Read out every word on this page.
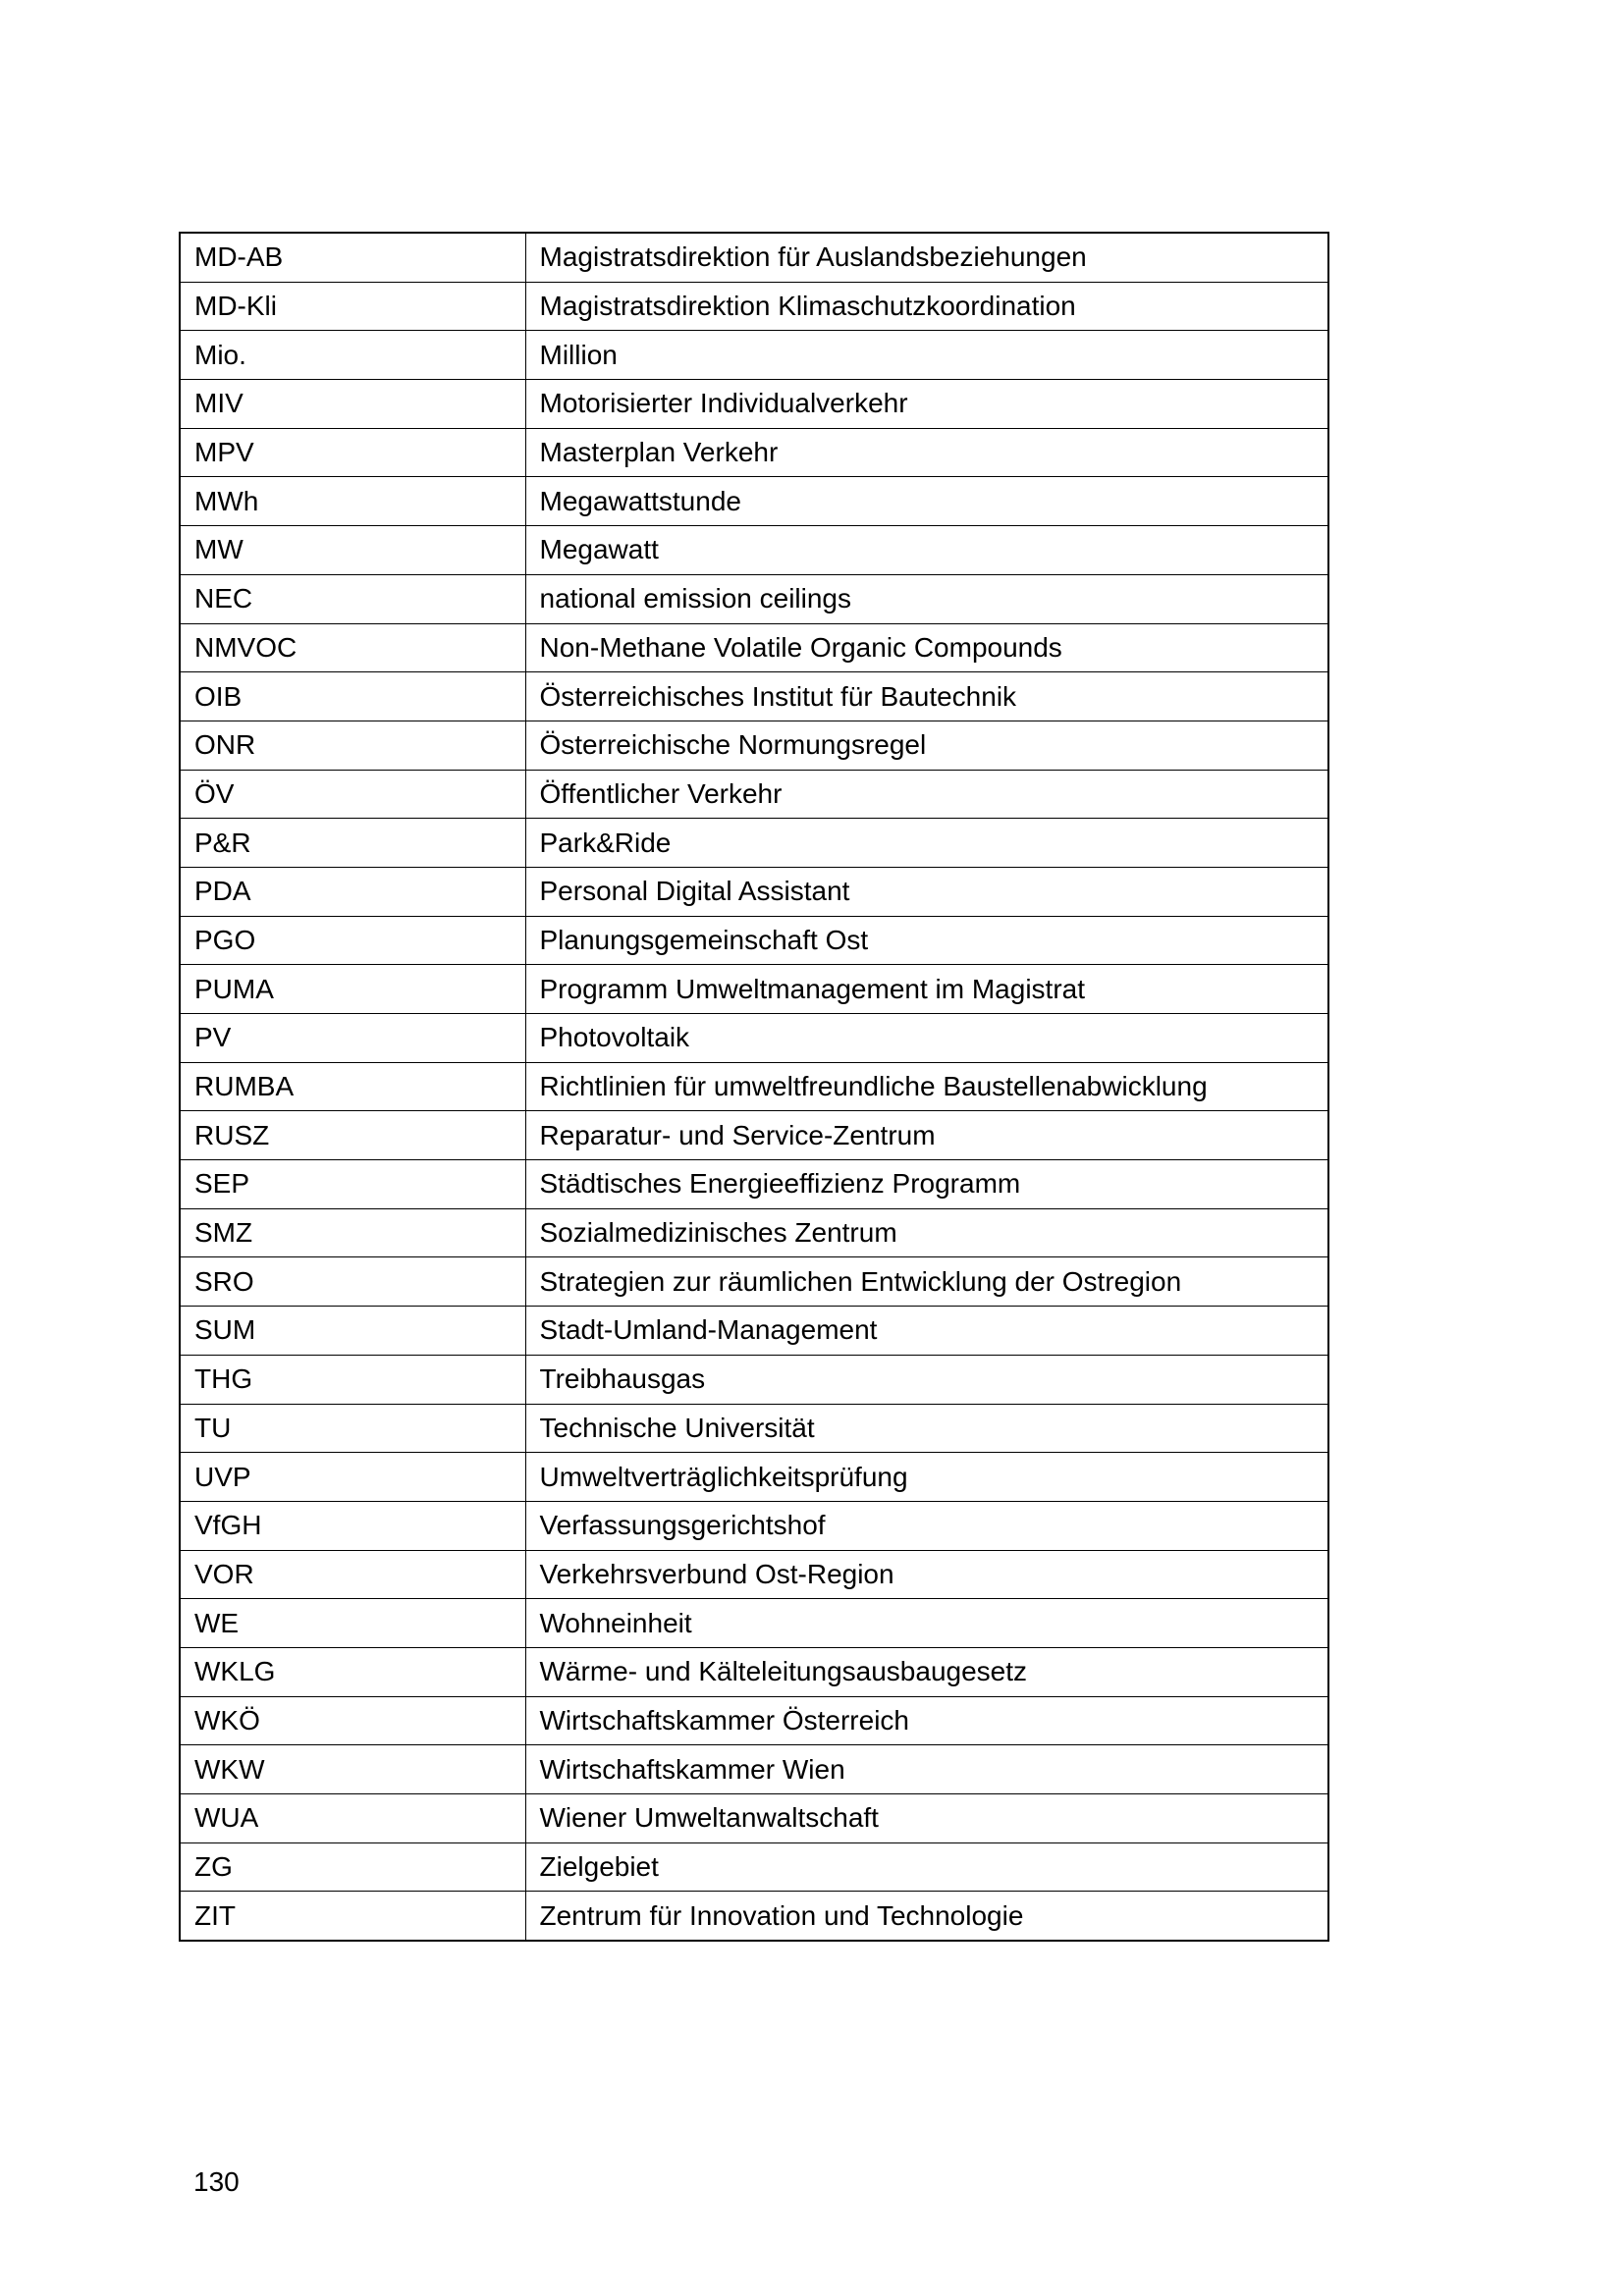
MD-AB	Magistratsdirektion für Auslandsbeziehungen
MD-Kli	Magistratsdirektion Klimaschutzkoordination
Mio.	Million
MIV	Motorisierter Individualverkehr
MPV	Masterplan Verkehr
MWh	Megawattstunde
MW	Megawatt
NEC	national emission ceilings
NMVOC	Non-Methane Volatile Organic Compounds
OIB	Österreichisches Institut für Bautechnik
ONR	Österreichische Normungsregel
ÖV	Öffentlicher Verkehr
P&R	Park&Ride
PDA	Personal Digital Assistant
PGO	Planungsgemeinschaft Ost
PUMA	Programm Umweltmanagement im Magistrat
PV	Photovoltaik
RUMBA	Richtlinien für umweltfreundliche Baustellenabwicklung
RUSZ	Reparatur- und Service-Zentrum
SEP	Städtisches Energieeffizienz Programm
SMZ	Sozialmedizinisches Zentrum
SRO	Strategien zur räumlichen Entwicklung der Ostregion
SUM	Stadt-Umland-Management
THG	Treibhausgas
TU	Technische Universität
UVP	Umweltverträglichkeitsprüfung
VfGH	Verfassungsgerichtshof
VOR	Verkehrsverbund Ost-Region
WE	Wohneinheit
WKLG	Wärme- und Kälteleitungsausbaugesetz
WKÖ	Wirtschaftskammer Österreich
WKW	Wirtschaftskammer Wien
WUA	Wiener Umweltanwaltschaft
ZG	Zielgebiet
ZIT	Zentrum für Innovation und Technologie
130
